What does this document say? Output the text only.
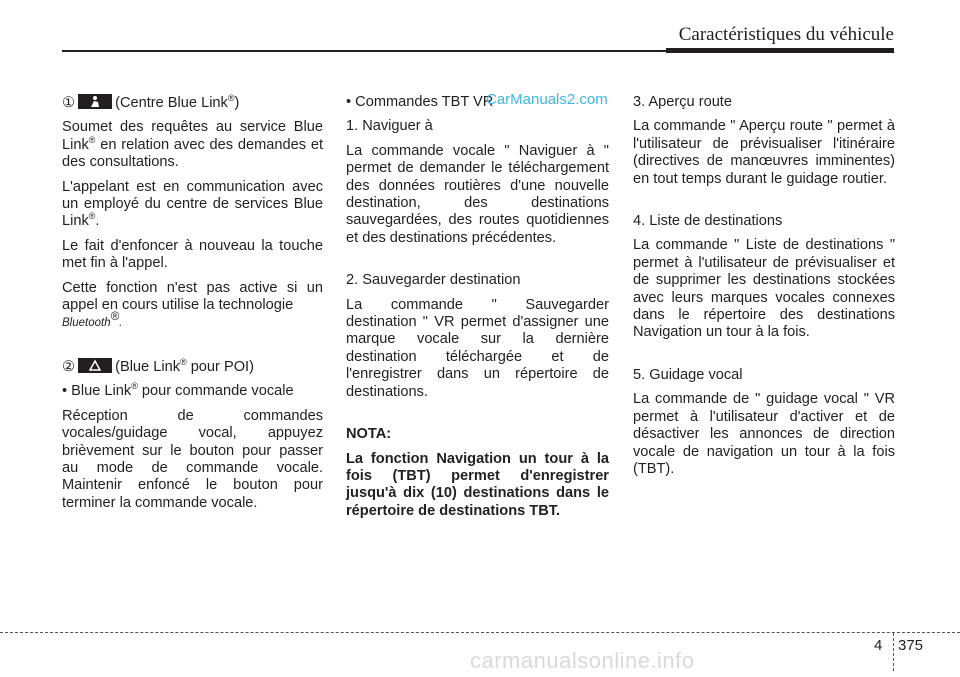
Caractéristiques du véhicule

①	(Centre Blue Link®)

Soumet des requêtes au service Blue Link® en relation avec des demandes et des consultations.

L'appelant est en communication avec un employé du centre de services Blue Link®.

Le fait d'enfoncer à nouveau la touche met fin à l'appel.

Cette fonction n'est pas active si un appel en cours utilise la technologie
Bluetooth®.

②	(Blue Link® pour POI)

• Blue Link® pour commande vocale

Réception de commandes vocales/guidage vocal, appuyez brièvement sur le bouton pour passer au mode de commande vocale. Maintenir enfoncé le bouton pour terminer la commande vocale.

• Commandes TBT VR

1. Naviguer à

La commande vocale " Naviguer à " permet de demander le téléchargement des données routières d'une nouvelle destination, des destinations sauvegardées, des routes quotidiennes et des destinations précédentes.

2. Sauvegarder destination

La commande " Sauvegarder destination " VR permet d'assigner une marque vocale sur la dernière destination téléchargée et de l'enregistrer dans un répertoire de destinations.

NOTA:

La fonction Navigation un tour à la fois (TBT) permet d'enregistrer jusqu'à dix (10) destinations dans le répertoire de destinations TBT.

3. Aperçu route

La commande " Aperçu route " permet à l'utilisateur de prévisualiser l'itinéraire (directives de manœuvres imminentes) en tout temps durant le guidage routier.

4. Liste de destinations

La commande " Liste de destinations " permet à l'utilisateur de prévisualiser et de supprimer les destinations stockées avec leurs marques vocales connexes dans le répertoire des destinations Navigation un tour à la fois.

5. Guidage vocal

La commande de " guidage vocal " VR permet à l'utilisateur d'activer et de désactiver les annonces de direction vocale de navigation un tour à la fois (TBT).

CarManuals2.com
4 375
carmanualsonline.info
